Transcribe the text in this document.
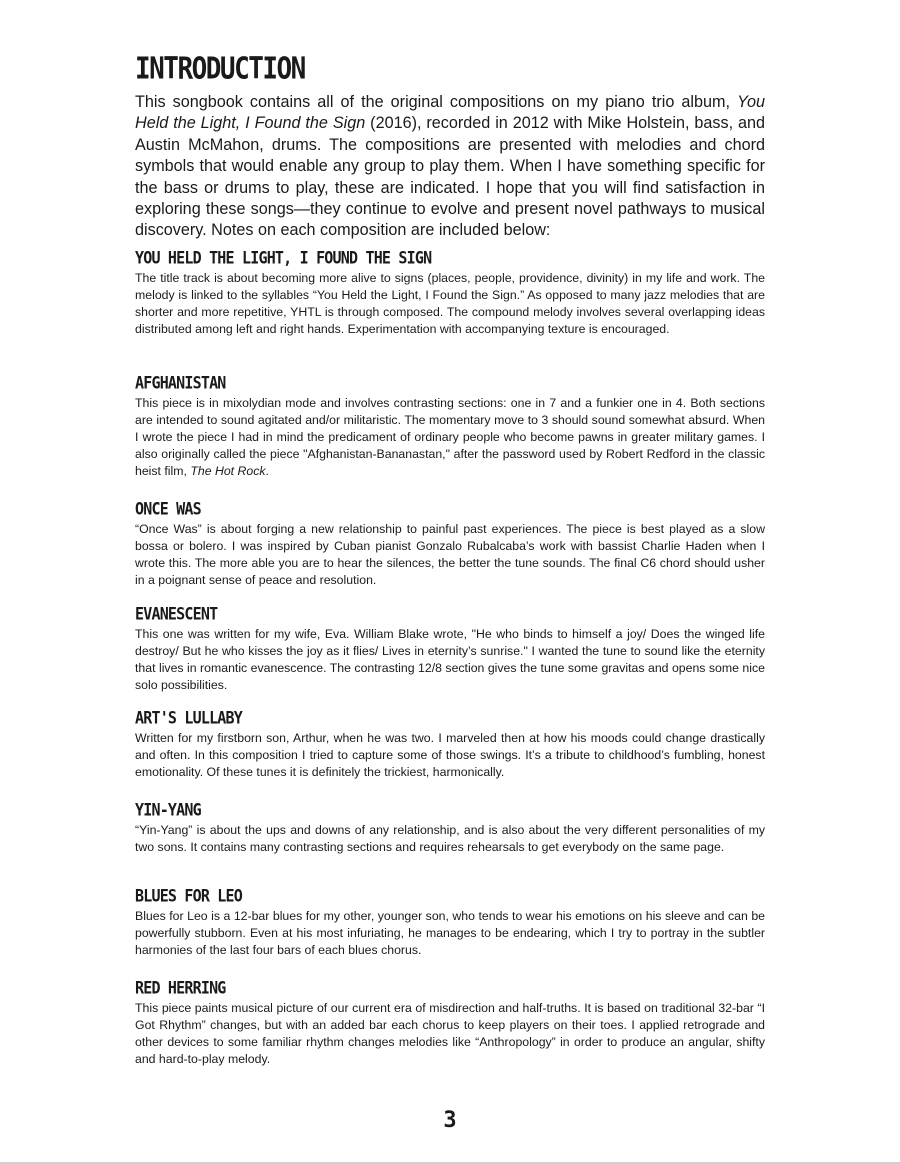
INTRODUCTION

This songbook contains all of the original compositions on my piano trio album, You Held the Light, I Found the Sign (2016), recorded in 2012 with Mike Holstein, bass, and Austin McMahon, drums. The compositions are presented with melodies and chord symbols that would enable any group to play them. When I have something specific for the bass or drums to play, these are indicated. I hope that you will find satisfaction in exploring these songs—they continue to evolve and present novel pathways to musical discovery. Notes on each composition are included below:

YOU HELD THE LIGHT, I FOUND THE SIGN

The title track is about becoming more alive to signs (places, people, providence, divinity) in my life and work. The melody is linked to the syllables “You Held the Light, I Found the Sign.” As opposed to many jazz melodies that are shorter and more repetitive, YHTL is through composed. The compound melody involves several overlapping ideas distributed among left and right hands. Experimentation with accompanying texture is encouraged.

AFGHANISTAN

This piece is in mixolydian mode and involves contrasting sections: one in 7 and a funkier one in 4. Both sections are intended to sound agitated and/or militaristic. The momentary move to 3 should sound somewhat absurd. When I wrote the piece I had in mind the predicament of ordinary people who become pawns in greater military games. I also originally called the piece "Afghanistan-Bananastan," after the password used by Robert Redford in the classic heist film, The Hot Rock.

ONCE WAS

“Once Was” is about forging a new relationship to painful past experiences. The piece is best played as a slow bossa or bolero. I was inspired by Cuban pianist Gonzalo Rubalcaba’s work with bassist Charlie Haden when I wrote this. The more able you are to hear the silences, the better the tune sounds. The final C6 chord should usher in a poignant sense of peace and resolution.

EVANESCENT

This one was written for my wife, Eva. William Blake wrote, "He who binds to himself a joy/ Does the winged life destroy/ But he who kisses the joy as it flies/ Lives in eternity’s sunrise." I wanted the tune to sound like the eternity that lives in romantic evanescence. The contrasting 12/8 section gives the tune some gravitas and opens some nice solo possibilities.

ART'S LULLABY

Written for my firstborn son, Arthur, when he was two. I marveled then at how his moods could change drastically and often. In this composition I tried to capture some of those swings. It’s a tribute to childhood’s fumbling, honest emotionality. Of these tunes it is definitely the trickiest, harmonically.

YIN-YANG

“Yin-Yang” is about the ups and downs of any relationship, and is also about the very different personalities of my two sons. It contains many contrasting sections and requires rehearsals to get everybody on the same page.

BLUES FOR LEO

Blues for Leo is a 12-bar blues for my other, younger son, who tends to wear his emotions on his sleeve and can be powerfully stubborn. Even at his most infuriating, he manages to be endearing, which I try to portray in the subtler harmonies of the last four bars of each blues chorus.

RED HERRING

This piece paints musical picture of our current era of misdirection and half-truths. It is based on traditional 32-bar “I Got Rhythm” changes, but with an added bar each chorus to keep players on their toes. I applied retrograde and other devices to some familiar rhythm changes melodies like “Anthropology” in order to produce an angular, shifty and hard-to-play melody.

3
